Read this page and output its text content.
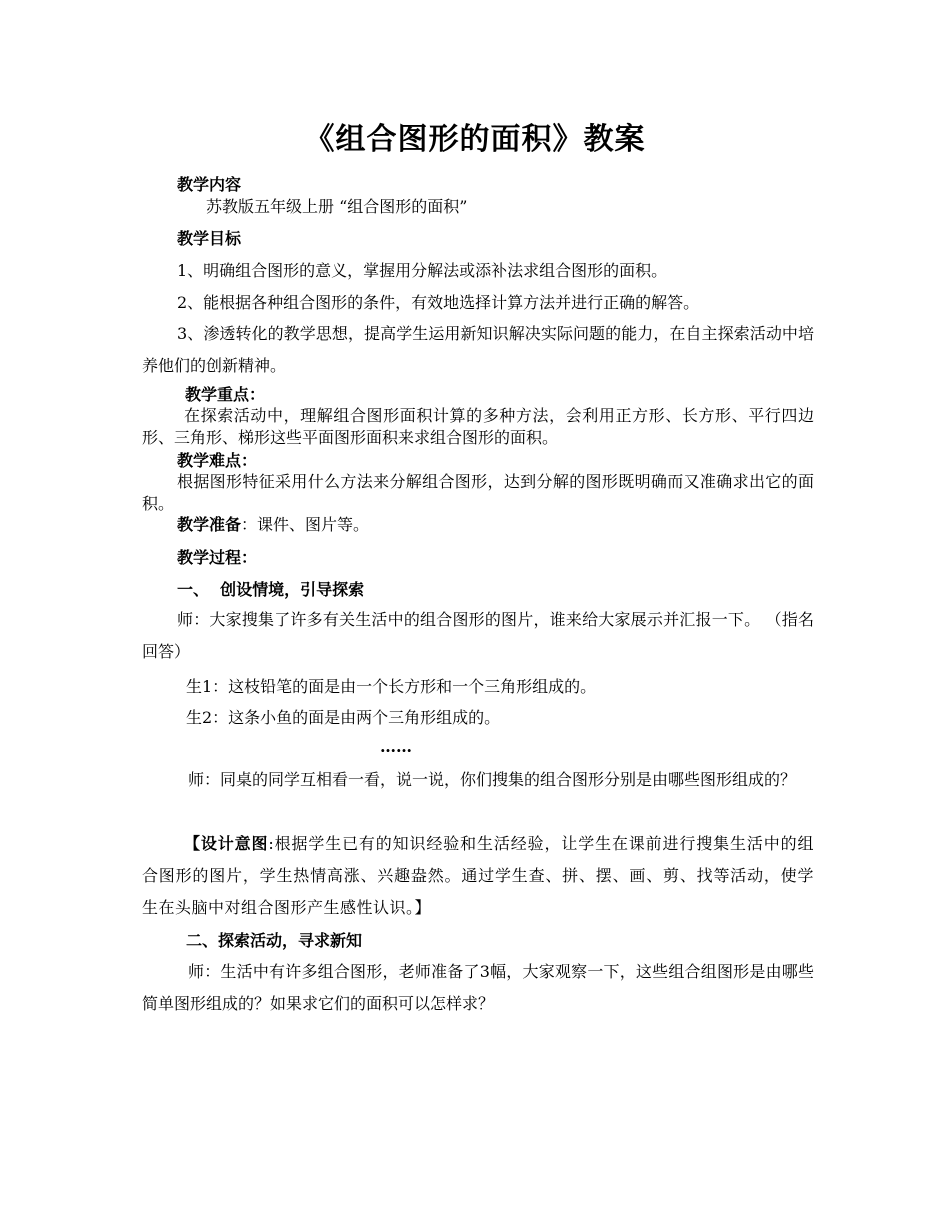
《组合图形的面积》教案
教学内容
苏教版五年级上册 “组合图形的面积”
教学目标
1、明确组合图形的意义，掌握用分解法或添补法求组合图形的面积。
2、能根据各种组合图形的条件，有效地选择计算方法并进行正确的解答。
3、渗透转化的教学思想，提高学生运用新知识解决实际问题的能力，在自主探索活动中培养他们的创新精神。
教学重点：
在探索活动中，理解组合图形面积计算的多种方法，会利用正方形、长方形、平行四边形、三角形、梯形这些平面图形面积来求组合图形的面积。
教学难点：
根据图形特征采用什么方法来分解组合图形，达到分解的图形既明确而又准确求出它的面积。
教学准备：课件、图片等。
教学过程：
一、  创设情境，引导探索
师：大家搜集了许多有关生活中的组合图形的图片，谁来给大家展示并汇报一下。 （指名回答）
生1：这枝铅笔的面是由一个长方形和一个三角形组成的。
生2：这条小鱼的面是由两个三角形组成的。
……
师：同桌的同学互相看一看，说一说，你们搜集的组合图形分别是由哪些图形组成的？
【设计意图:根据学生已有的知识经验和生活经验，让学生在课前进行搜集生活中的组合图形的图片，学生热情高涨、兴趣盎然。通过学生查、拼、摆、画、剪、找等活动，使学生在头脑中对组合图形产生感性认识。】
二、探索活动，寻求新知
师：生活中有许多组合图形，老师准备了3幅，大家观察一下，这些组合组图形是由哪些简单图形组成的？如果求它们的面积可以怎样求？
